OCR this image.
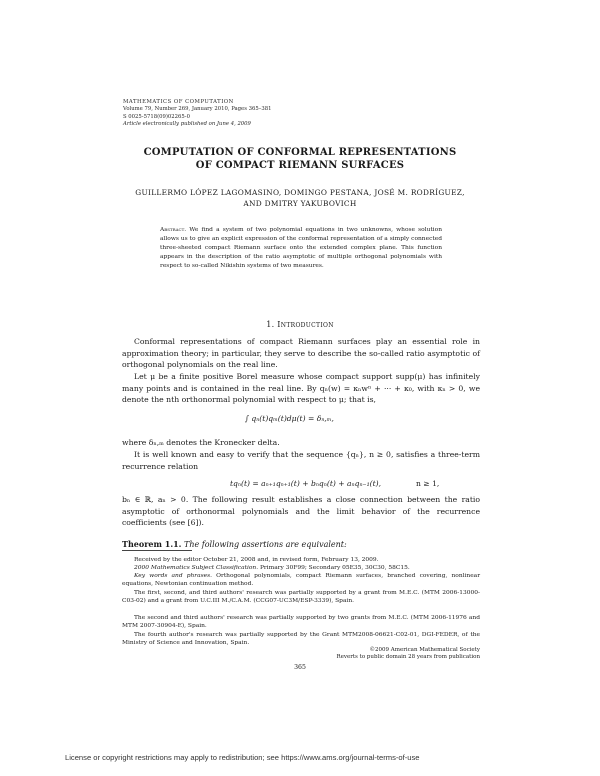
MATHEMATICS OF COMPUTATION
Volume 79, Number 269, January 2010, Pages 365–381
S 0025-5718(09)02265-0
Article electronically published on June 4, 2009
COMPUTATION OF CONFORMAL REPRESENTATIONS
OF COMPACT RIEMANN SURFACES
GUILLERMO LÓPEZ LAGOMASINO, DOMINGO PESTANA, JOSÉ M. RODRÍGUEZ,
AND DMITRY YAKUBOVICH
Abstract. We find a system of two polynomial equations in two unknowns, whose solution allows us to give an explicit expression of the conformal representation of a simply connected three-sheeted compact Riemann surface onto the extended complex plane. This function appears in the description of the ratio asymptotic of multiple orthogonal polynomials with respect to so-called Nikishin systems of two measures.
1. Introduction
Conformal representations of compact Riemann surfaces play an essential role in approximation theory; in particular, they serve to describe the so-called ratio asymptotic of orthogonal polynomials on the real line.
Let μ be a finite positive Borel measure whose compact support supp(μ) has infinitely many points and is contained in the real line. By qₙ(w) = κₙwⁿ + ··· + κ₀, with κₙ > 0, we denote the nth orthonormal polynomial with respect to μ; that is,
∫ qₙ(t)qₘ(t)dμ(t) = δₙ,ₘ,
where δₙ,ₘ denotes the Kronecker delta.
It is well known and easy to verify that the sequence {qₙ}, n ≥ 0, satisfies a three-term recurrence relation
tqₙ(t) = aₙ₊₁qₙ₊₁(t) + bₙqₙ(t) + aₙqₙ₋₁(t),	n ≥ 1,
bₙ ∈ ℝ, aₙ > 0. The following result establishes a close connection between the ratio asymptotic of orthonormal polynomials and the limit behavior of the recurrence coefficients (see [6]).
Theorem 1.1. The following assertions are equivalent:
Received by the editor October 21, 2008 and, in revised form, February 13, 2009.
2000 Mathematics Subject Classification. Primary 30F99; Secondary 05E35, 30C30, 58C15.
Key words and phrases. Orthogonal polynomials, compact Riemann surfaces, branched covering, nonlinear equations, Newtonian continuation method.
The first, second, and third authors' research was partially supported by a grant from M.E.C. (MTM 2006-13000-C03-02) and a grant from U.C.III M./C.A.M. (CCG07-UC3M/ESP-3339), Spain.
The second and third authors' research was partially supported by two grants from M.E.C. (MTM 2006-11976 and MTM 2007-30904-E), Spain.
The fourth author's research was partially supported by the Grant MTM2008-06621-C02-01, DGI-FEDER, of the Ministry of Science and Innovation, Spain.
©2009 American Mathematical Society
Reverts to public domain 28 years from publication
365
License or copyright restrictions may apply to redistribution; see https://www.ams.org/journal-terms-of-use
